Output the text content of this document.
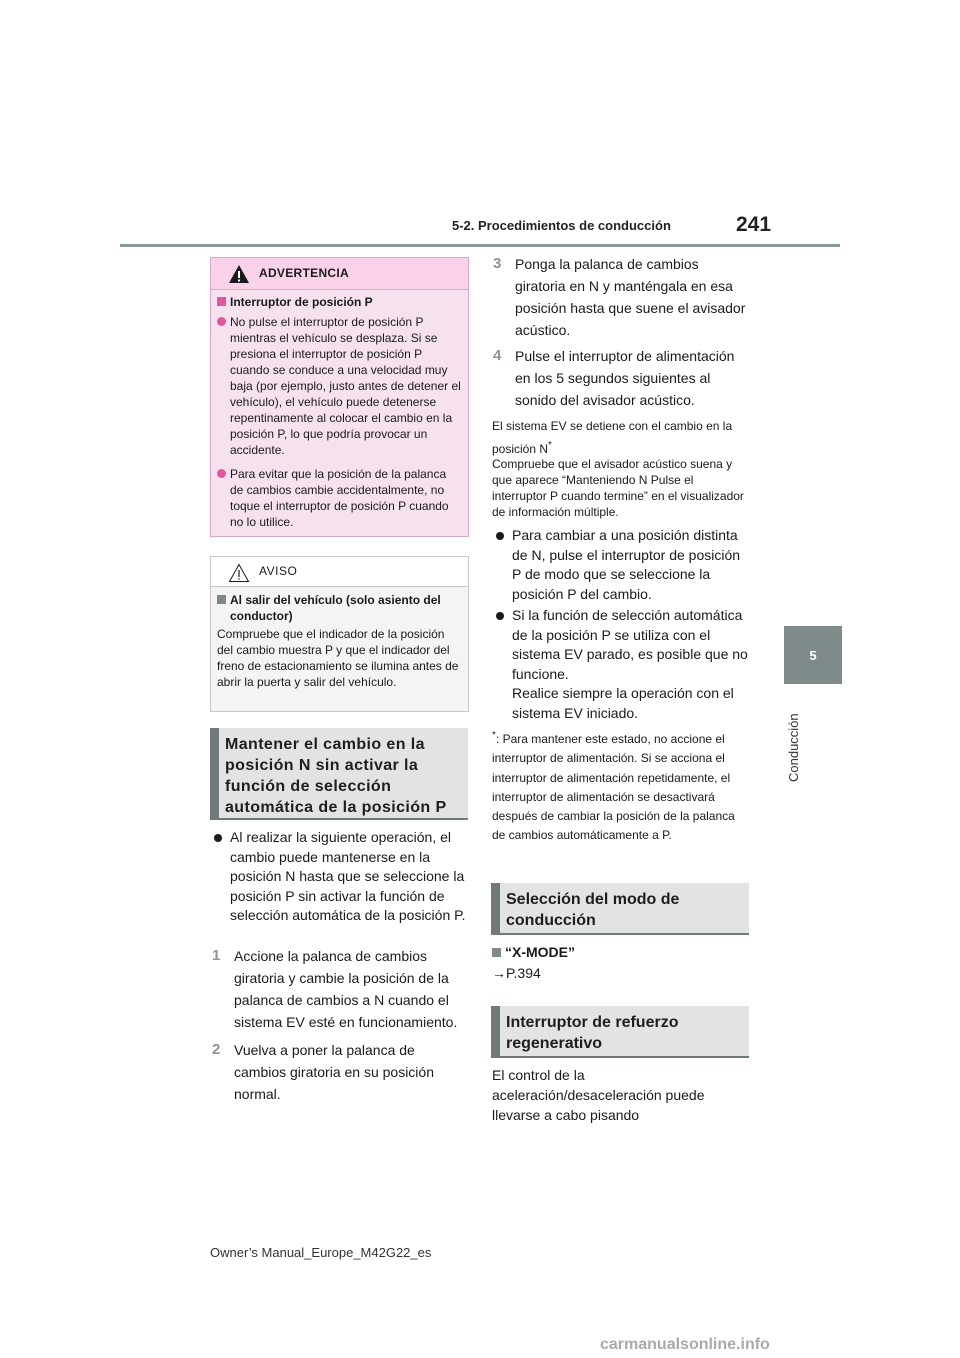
5-2. Procedimientos de conducción	241
5
Conducción
ADVERTENCIA
Interruptor de posición P
No pulse el interruptor de posición P mientras el vehículo se desplaza. Si se presiona el interruptor de posición P cuando se conduce a una velocidad muy baja (por ejemplo, justo antes de detener el vehículo), el vehículo puede detenerse repentinamente al colocar el cambio en la posición P, lo que podría provocar un accidente.
Para evitar que la posición de la palanca de cambios cambie accidentalmente, no toque el interruptor de posición P cuando no lo utilice.
AVISO
Al salir del vehículo (solo asiento del conductor)
Compruebe que el indicador de la posición del cambio muestra P y que el indicador del freno de estacionamiento se ilumina antes de abrir la puerta y salir del vehículo.
Mantener el cambio en la posición N sin activar la función de selección automática de la posición P
Al realizar la siguiente operación, el cambio puede mantenerse en la posición N hasta que se seleccione la posición P sin activar la función de selección automática de la posición P.
1 Accione la palanca de cambios giratoria y cambie la posición de la palanca de cambios a N cuando el sistema EV esté en funcionamiento.
2 Vuelva a poner la palanca de cambios giratoria en su posición normal.
3 Ponga la palanca de cambios giratoria en N y manténgala en esa posición hasta que suene el avisador acústico.
4 Pulse el interruptor de alimentación en los 5 segundos siguientes al sonido del avisador acústico.
El sistema EV se detiene con el cambio en la posición N*
Compruebe que el avisador acústico suena y que aparece “Manteniendo N Pulse el interruptor P cuando termine” en el visualizador de información múltiple.
Para cambiar a una posición distinta de N, pulse el interruptor de posición P de modo que se seleccione la posición P del cambio.
Si la función de selección automática de la posición P se utiliza con el sistema EV parado, es posible que no funcione.
Realice siempre la operación con el sistema EV iniciado.
*: Para mantener este estado, no accione el interruptor de alimentación. Si se acciona el interruptor de alimentación repetidamente, el interruptor de alimentación se desactivará después de cambiar la posición de la palanca de cambios automáticamente a P.
Selección del modo de conducción
“X-MODE”
→P.394
Interruptor de refuerzo regenerativo
El control de la aceleración/desaceleración puede llevarse a cabo pisando
Owner’s Manual_Europe_M42G22_es
carmanualsonline.info
